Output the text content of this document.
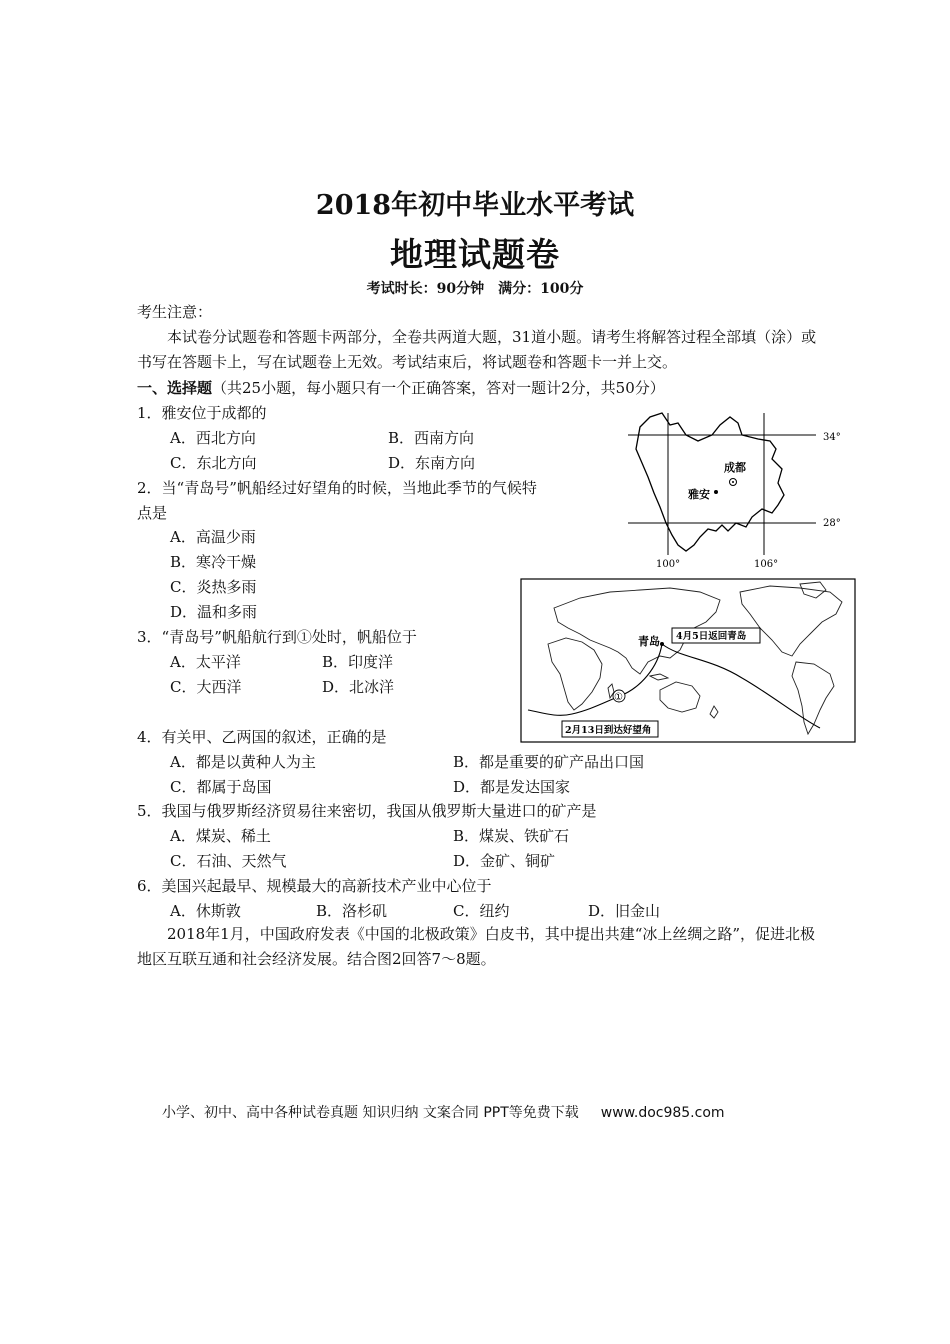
2018年初中毕业水平考试
地理试题卷
考试时长：90分钟　满分：100分
考生注意：
本试卷分试题卷和答题卡两部分，全卷共两道大题，31道小题。请考生将解答过程全部填（涂）或书写在答题卡上，写在试题卷上无效。考试结束后，将试题卷和答题卡一并上交。
一、选择题（共25小题，每小题只有一个正确答案，答对一题计2分，共50分）
1．雅安位于成都的
A．西北方向	B．西南方向
C．东北方向	D．东南方向
2．当“青岛号”帆船经过好望角的时候，当地此季节的气候特
点是
A．高温少雨
B．寒冷干燥
C．炎热多雨
D．温和多雨
3．“青岛号”帆船航行到①处时，帆船位于
A．太平洋	B．印度洋
C．大西洋	D．北冰洋
4．有关甲、乙两国的叙述，正确的是
A．都是以黄种人为主	B．都是重要的矿产品出口国
C．都属于岛国	D．都是发达国家
5．我国与俄罗斯经济贸易往来密切，我国从俄罗斯大量进口的矿产是
A．煤炭、稀土	B．煤炭、铁矿石
C．石油、天然气	D．金矿、铜矿
6．美国兴起最早、规模最大的高新技术产业中心位于
A．休斯敦	B．洛杉矶	C．纽约	D．旧金山
2018年1月，中国政府发表《中国的北极政策》白皮书，其中提出共建“冰上丝绸之路”，促进北极地区互联互通和社会经济发展。结合图2回答7～8题。
成都
雅安
34°
28°
100°	106°
青岛
①
4月5日返回青岛
2月13日到达好望角
小学、初中、高中各种试卷真题 知识归纳 文案合同 PPT等免费下载 www.doc985.com
